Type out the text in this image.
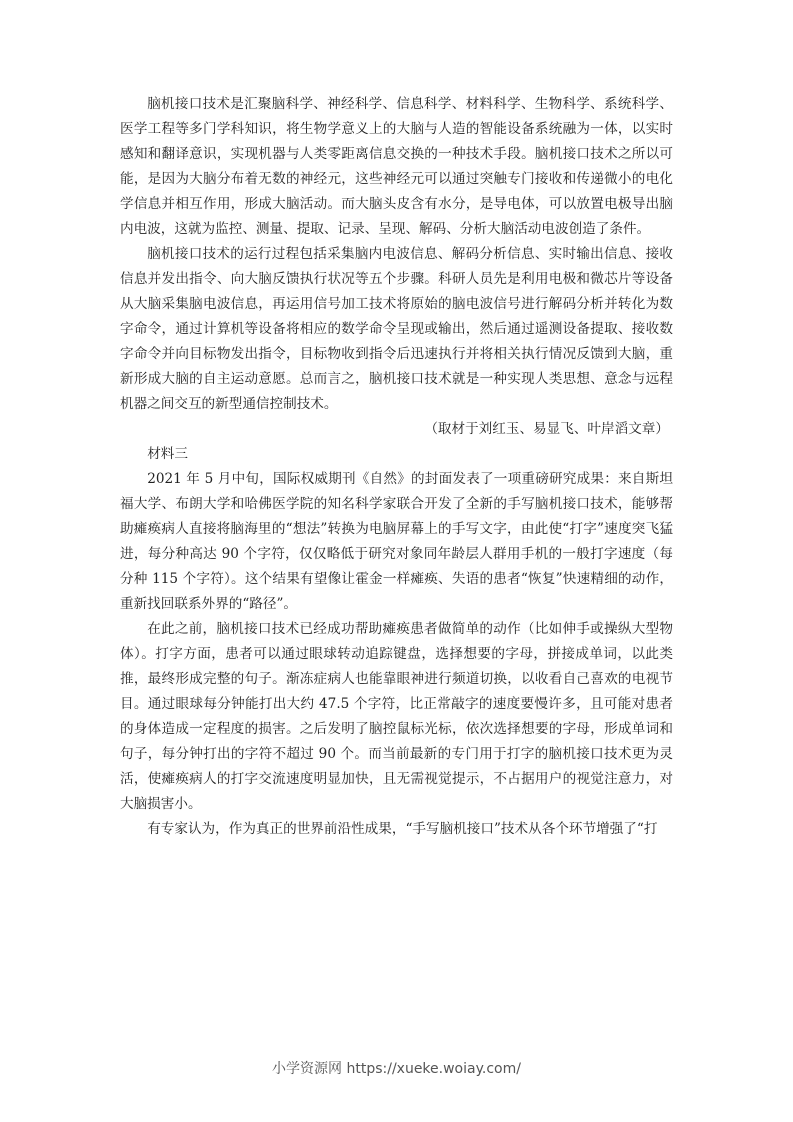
脑机接口技术是汇聚脑科学、神经科学、信息科学、材料科学、生物科学、系统科学、医学工程等多门学科知识，将生物学意义上的大脑与人造的智能设备系统融为一体，以实时感知和翻译意识，实现机器与人类零距离信息交换的一种技术手段。脑机接口技术之所以可能，是因为大脑分布着无数的神经元，这些神经元可以通过突触专门接收和传递微小的电化学信息并相互作用，形成大脑活动。而大脑头皮含有水分，是导电体，可以放置电极导出脑内电波，这就为监控、测量、提取、记录、呈现、解码、分析大脑活动电波创造了条件。

脑机接口技术的运行过程包括采集脑内电波信息、解码分析信息、实时输出信息、接收信息并发出指令、向大脑反馈执行状况等五个步骤。科研人员先是利用电极和微芯片等设备从大脑采集脑电波信息，再运用信号加工技术将原始的脑电波信号进行解码分析并转化为数字命令，通过计算机等设备将相应的数学命令呈现或输出，然后通过遥测设备提取、接收数字命令并向目标物发出指令，目标物收到指令后迅速执行并将相关执行情况反馈到大脑，重新形成大脑的自主运动意愿。总而言之，脑机接口技术就是一种实现人类思想、意念与远程机器之间交互的新型通信控制技术。

（取材于刘红玉、易显飞、叶岸滔文章）

材料三

2021 年 5 月中旬，国际权威期刊《自然》的封面发表了一项重磅研究成果：来自斯坦福大学、布朗大学和哈佛医学院的知名科学家联合开发了全新的手写脑机接口技术，能够帮助瘫痪病人直接将脑海里的“想法”转换为电脑屏幕上的手写文字，由此使“打字”速度突飞猛进，每分种高达 90 个字符，仅仅略低于研究对象同年龄层人群用手机的一般打字速度（每分种 115 个字符）。这个结果有望像让霍金一样瘫痪、失语的患者“恢复”快速精细的动作，重新找回联系外界的“路径”。

在此之前，脑机接口技术已经成功帮助瘫痪患者做简单的动作（比如伸手或操纵大型物体）。打字方面，患者可以通过眼球转动追踪键盘，选择想要的字母，拼接成单词，以此类推，最终形成完整的句子。渐冻症病人也能靠眼神进行频道切换，以收看自己喜欢的电视节目。通过眼球每分钟能打出大约 47.5 个字符，比正常敲字的速度要慢许多，且可能对患者的身体造成一定程度的损害。之后发明了脑控鼠标光标，依次选择想要的字母，形成单词和句子，每分钟打出的字符不超过 90 个。而当前最新的专门用于打字的脑机接口技术更为灵活，使瘫痪病人的打字交流速度明显加快，且无需视觉提示，不占据用户的视觉注意力，对大脑损害小。

有专家认为，作为真正的世界前沿性成果，“手写脑机接口”技术从各个环节增强了“打

小学资源网 https://xueke.woiay.com/
